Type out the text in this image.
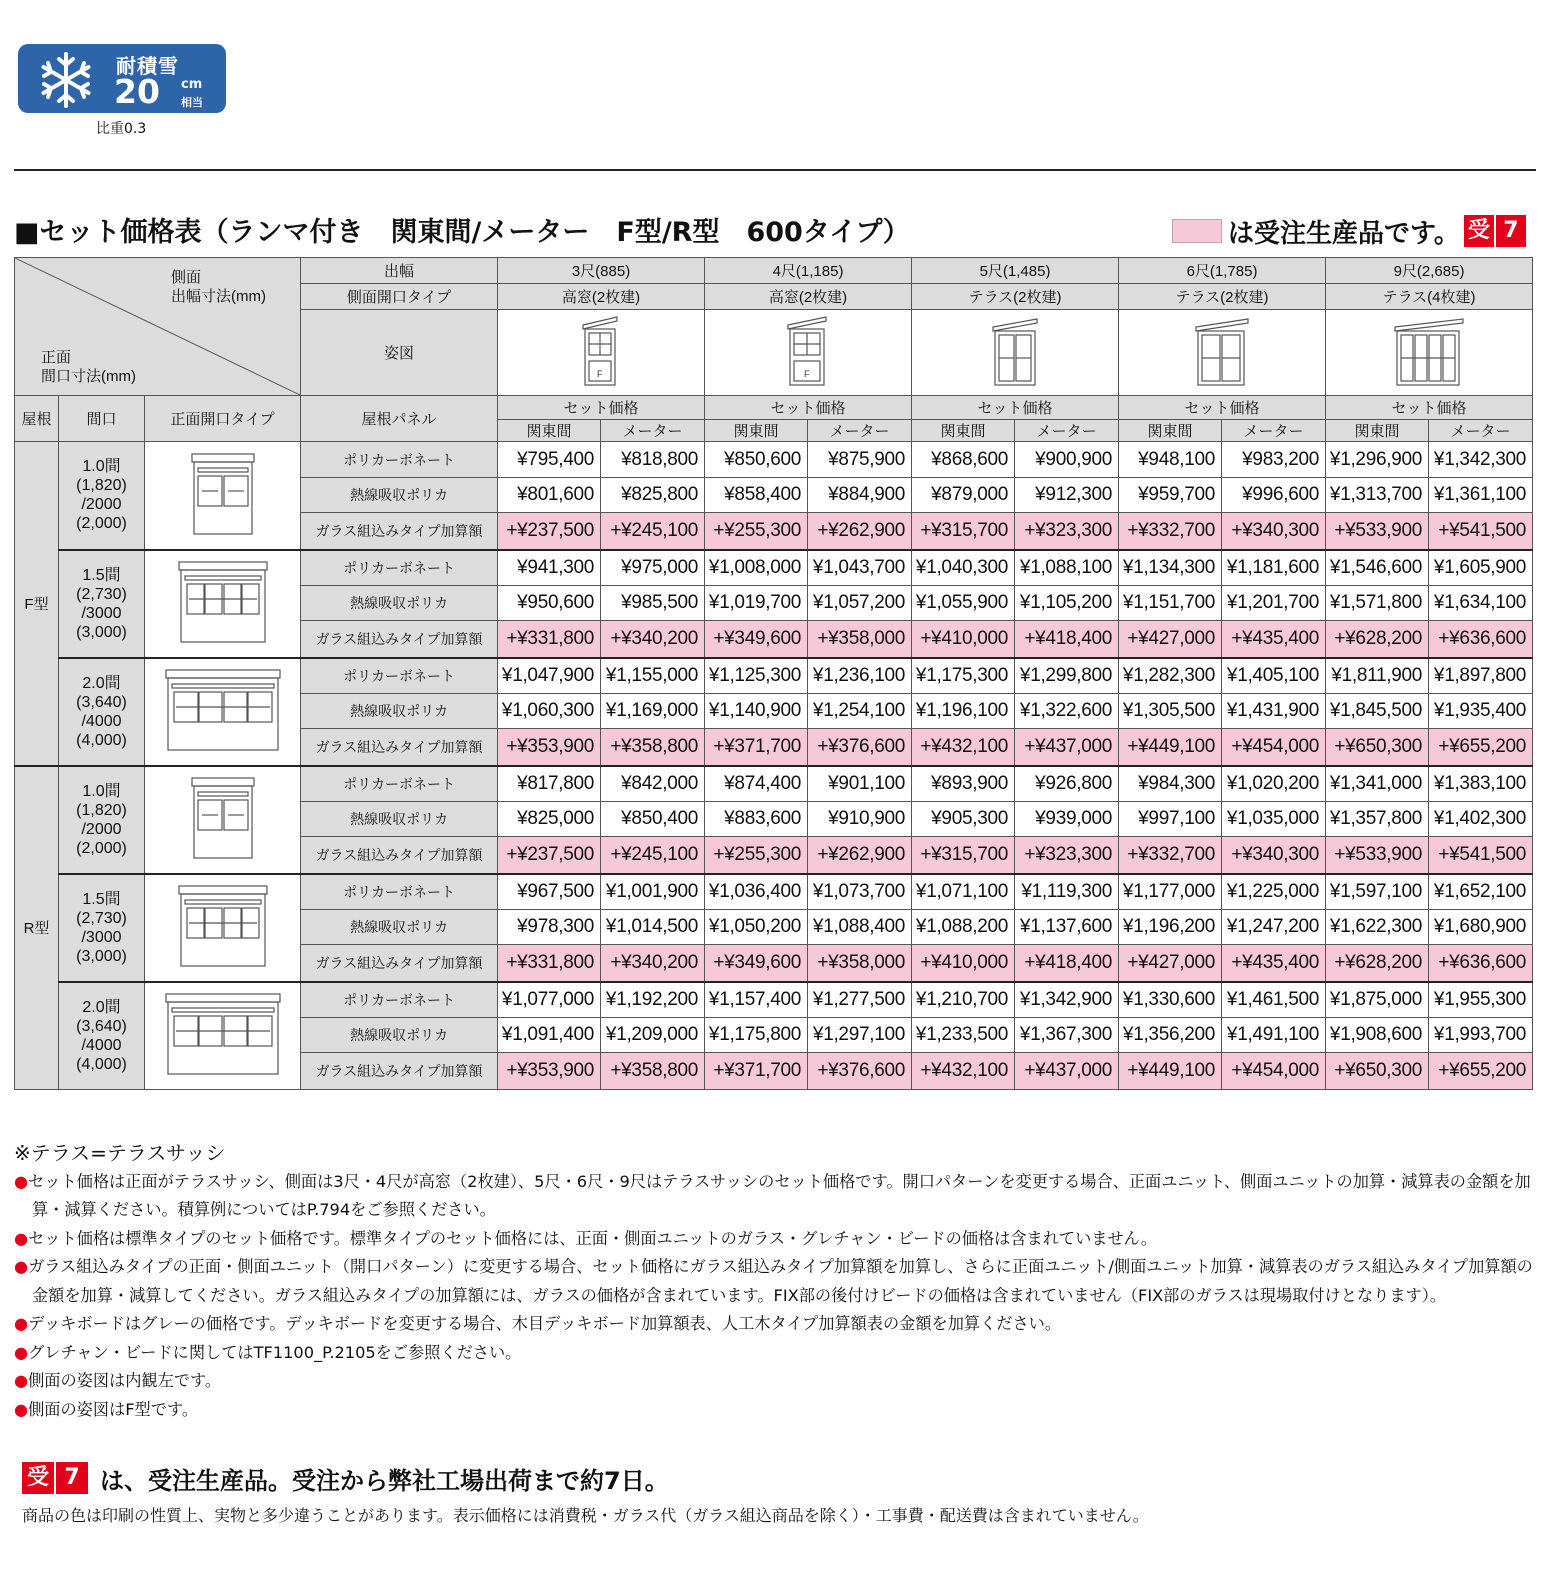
耐積雪
20 cm
相当
比重0.3
■セット価格表（ランマ付き　関東間/メーター　F型/R型　600タイプ）	は受注生産品です。 受 7
側面
出幅寸法(mm)
正面
間口寸法(mm)			出幅	3尺(885)		4尺(1,185)		5尺(1,485)		6尺(1,785)		9尺(2,685)	
			側面開口タイプ	高窓(2枚建)		高窓(2枚建)		テラス(2枚建)		テラス(2枚建)		テラス(4枚建)	
			姿図	F		F

屋根	間口	正面開口タイプ	屋根パネル	セット価格		セット価格		セット価格		セット価格		セット価格	
				関東間	メーター	関東間	メーター	関東間	メーター	関東間	メーター	関東間	メーター
F型	1.0間
(1,820)
/2000
(2,000)		ポリカーボネート	¥795,400	¥818,800	¥850,600	¥875,900	¥868,600	¥900,900	¥948,100	¥983,200	¥1,296,900	¥1,342,300
			熱線吸収ポリカ	¥801,600	¥825,800	¥858,400	¥884,900	¥879,000	¥912,300	¥959,700	¥996,600	¥1,313,700	¥1,361,100
			ガラス組込みタイプ加算額	+¥237,500	+¥245,100	+¥255,300	+¥262,900	+¥315,700	+¥323,300	+¥332,700	+¥340,300	+¥533,900	+¥541,500
	1.5間
(2,730)
/3000
(3,000)		ポリカーボネート	¥941,300	¥975,000	¥1,008,000	¥1,043,700	¥1,040,300	¥1,088,100	¥1,134,300	¥1,181,600	¥1,546,600	¥1,605,900
			熱線吸収ポリカ	¥950,600	¥985,500	¥1,019,700	¥1,057,200	¥1,055,900	¥1,105,200	¥1,151,700	¥1,201,700	¥1,571,800	¥1,634,100
			ガラス組込みタイプ加算額	+¥331,800	+¥340,200	+¥349,600	+¥358,000	+¥410,000	+¥418,400	+¥427,000	+¥435,400	+¥628,200	+¥636,600
	2.0間
(3,640)
/4000
(4,000)		ポリカーボネート	¥1,047,900	¥1,155,000	¥1,125,300	¥1,236,100	¥1,175,300	¥1,299,800	¥1,282,300	¥1,405,100	¥1,811,900	¥1,897,800
			熱線吸収ポリカ	¥1,060,300	¥1,169,000	¥1,140,900	¥1,254,100	¥1,196,100	¥1,322,600	¥1,305,500	¥1,431,900	¥1,845,500	¥1,935,400
			ガラス組込みタイプ加算額	+¥353,900	+¥358,800	+¥371,700	+¥376,600	+¥432,100	+¥437,000	+¥449,100	+¥454,000	+¥650,300	+¥655,200
R型	1.0間
(1,820)
/2000
(2,000)		ポリカーボネート	¥817,800	¥842,000	¥874,400	¥901,100	¥893,900	¥926,800	¥984,300	¥1,020,200	¥1,341,000	¥1,383,100
			熱線吸収ポリカ	¥825,000	¥850,400	¥883,600	¥910,900	¥905,300	¥939,000	¥997,100	¥1,035,000	¥1,357,800	¥1,402,300
			ガラス組込みタイプ加算額	+¥237,500	+¥245,100	+¥255,300	+¥262,900	+¥315,700	+¥323,300	+¥332,700	+¥340,300	+¥533,900	+¥541,500
	1.5間
(2,730)
/3000
(3,000)		ポリカーボネート	¥967,500	¥1,001,900	¥1,036,400	¥1,073,700	¥1,071,100	¥1,119,300	¥1,177,000	¥1,225,000	¥1,597,100	¥1,652,100
			熱線吸収ポリカ	¥978,300	¥1,014,500	¥1,050,200	¥1,088,400	¥1,088,200	¥1,137,600	¥1,196,200	¥1,247,200	¥1,622,300	¥1,680,900
			ガラス組込みタイプ加算額	+¥331,800	+¥340,200	+¥349,600	+¥358,000	+¥410,000	+¥418,400	+¥427,000	+¥435,400	+¥628,200	+¥636,600
	2.0間
(3,640)
/4000
(4,000)		ポリカーボネート	¥1,077,000	¥1,192,200	¥1,157,400	¥1,277,500	¥1,210,700	¥1,342,900	¥1,330,600	¥1,461,500	¥1,875,000	¥1,955,300
			熱線吸収ポリカ	¥1,091,400	¥1,209,000	¥1,175,800	¥1,297,100	¥1,233,500	¥1,367,300	¥1,356,200	¥1,491,100	¥1,908,600	¥1,993,700
			ガラス組込みタイプ加算額	+¥353,900	+¥358,800	+¥371,700	+¥376,600	+¥432,100	+¥437,000	+¥449,100	+¥454,000	+¥650,300	+¥655,200
※テラス=テラスサッシ
●セット価格は正面がテラスサッシ、側面は3尺・4尺が高窓（2枚建）、5尺・6尺・9尺はテラスサッシのセット価格です。開口パターンを変更する場合、正面ユニット、側面ユニットの加算・減算表の金額を加算・減算ください。積算例についてはP.794をご参照ください。
●セット価格は標準タイプのセット価格です。標準タイプのセット価格には、正面・側面ユニットのガラス・グレチャン・ビードの価格は含まれていません。
●ガラス組込みタイプの正面・側面ユニット（開口パターン）に変更する場合、セット価格にガラス組込みタイプ加算額を加算し、さらに正面ユニット/側面ユニット加算・減算表のガラス組込みタイプ加算額の金額を加算・減算してください。ガラス組込みタイプの加算額には、ガラスの価格が含まれています。FIX部の後付けビードの価格は含まれていません（FIX部のガラスは現場取付けとなります）。
●デッキボードはグレーの価格です。デッキボードを変更する場合、木目デッキボード加算額表、人工木タイプ加算額表の金額を加算ください。
●グレチャン・ビードに関してはTF1100_P.2105をご参照ください。
●側面の姿図は内観左です。
●側面の姿図はF型です。
受 7 は、受注生産品。受注から弊社工場出荷まで約7日。
商品の色は印刷の性質上、実物と多少違うことがあります。表示価格には消費税・ガラス代（ガラス組込商品を除く）・工事費・配送費は含まれていません。
